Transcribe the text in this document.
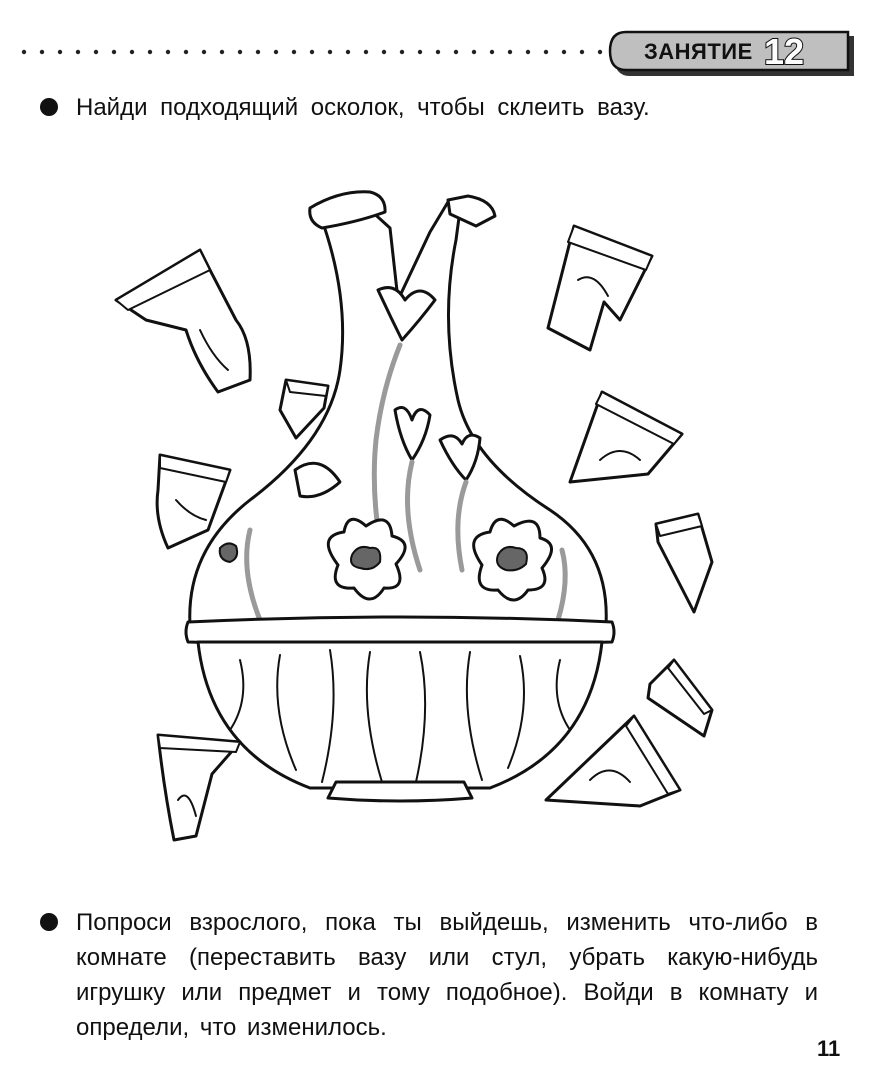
ЗАНЯТИЕ 12
Найди подходящий осколок, чтобы склеить вазу.
Попроси взрослого, пока ты выйдешь, изменить что-либо в комнате (переставить вазу или стул, убрать какую-нибудь игрушку или предмет и тому подобное). Войди в комнату и определи, что изменилось.
11
